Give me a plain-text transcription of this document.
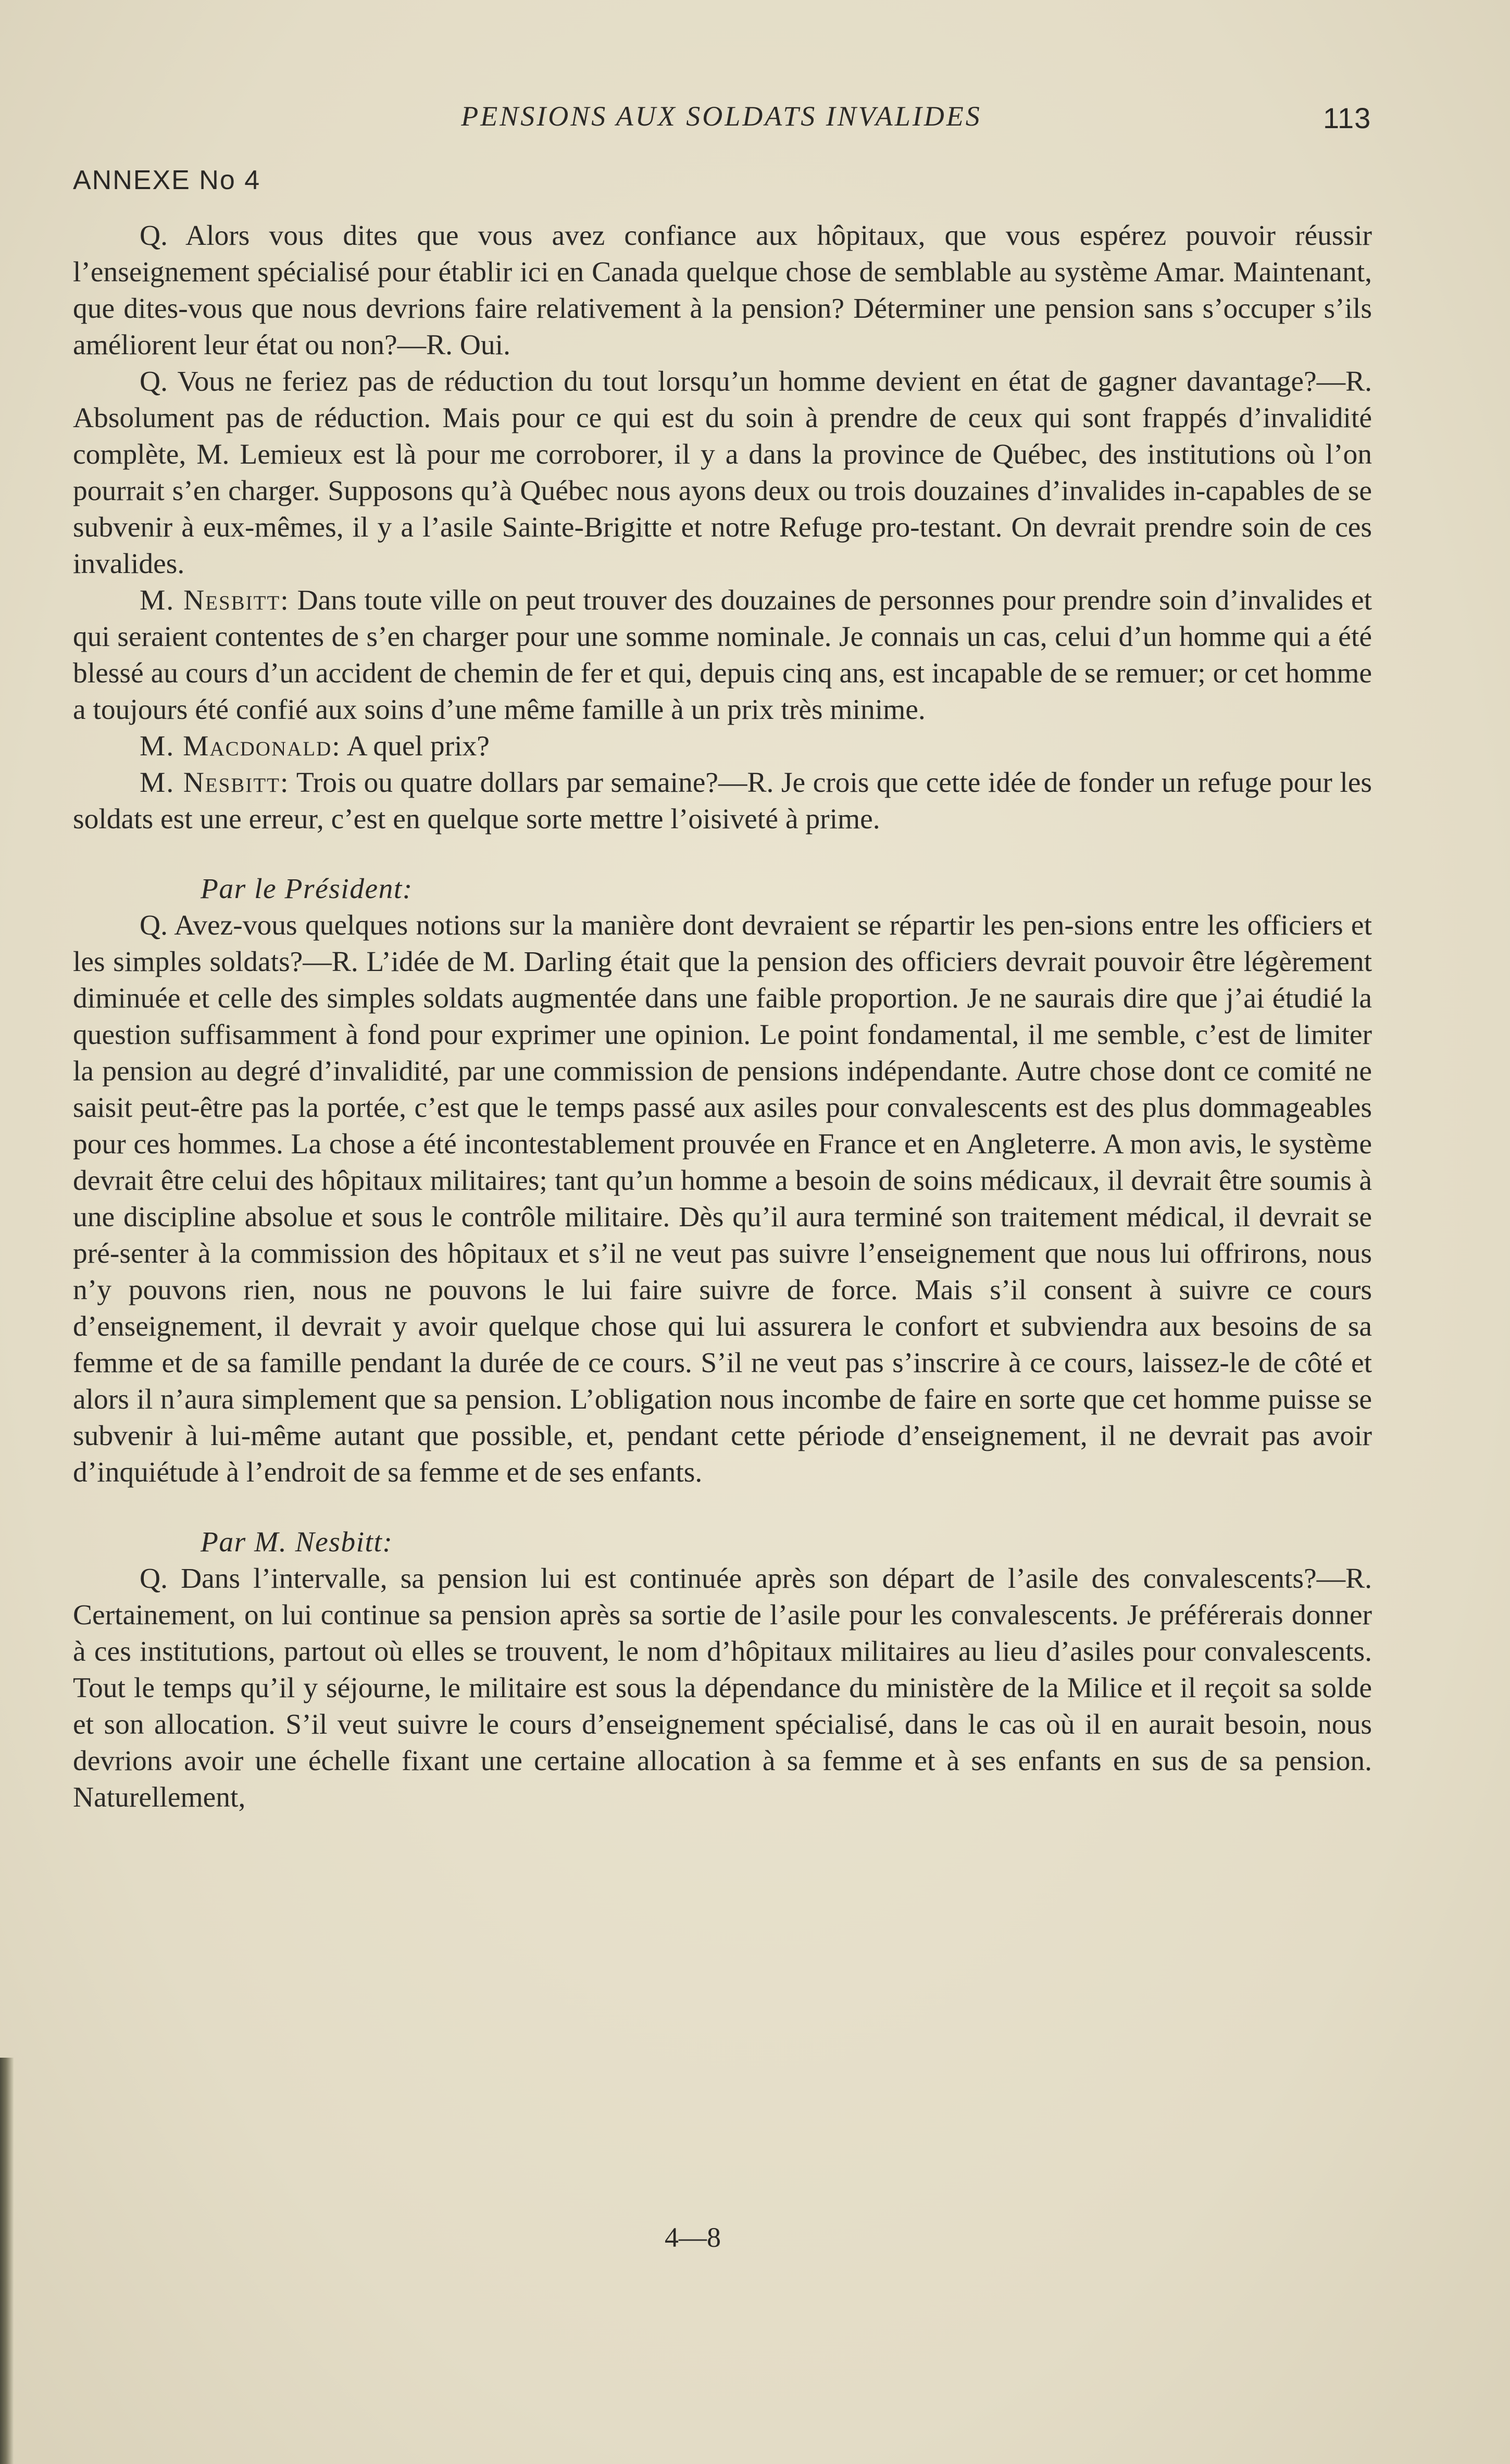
PENSIONS AUX SOLDATS INVALIDES	113
ANNEXE No 4

Q. Alors vous dites que vous avez confiance aux hôpitaux, que vous espérez pouvoir réussir l’enseignement spécialisé pour établir ici en Canada quelque chose de semblable au système Amar. Maintenant, que dites-vous que nous devrions faire relativement à la pension? Déterminer une pension sans s’occuper s’ils améliorent leur état ou non?—R. Oui.

Q. Vous ne feriez pas de réduction du tout lorsqu’un homme devient en état de gagner davantage?—R. Absolument pas de réduction. Mais pour ce qui est du soin à prendre de ceux qui sont frappés d’invalidité complète, M. Lemieux est là pour me corroborer, il y a dans la province de Québec, des institutions où l’on pourrait s’en charger. Supposons qu’à Québec nous ayons deux ou trois douzaines d’invalides in-capables de se subvenir à eux-mêmes, il y a l’asile Sainte-Brigitte et notre Refuge pro-testant. On devrait prendre soin de ces invalides.

M. Nesbitt: Dans toute ville on peut trouver des douzaines de personnes pour prendre soin d’invalides et qui seraient contentes de s’en charger pour une somme nominale. Je connais un cas, celui d’un homme qui a été blessé au cours d’un accident de chemin de fer et qui, depuis cinq ans, est incapable de se remuer; or cet homme a toujours été confié aux soins d’une même famille à un prix très minime.

M. Macdonald: A quel prix?

M. Nesbitt: Trois ou quatre dollars par semaine?—R. Je crois que cette idée de fonder un refuge pour les soldats est une erreur, c’est en quelque sorte mettre l’oisiveté à prime.

Par le Président:

Q. Avez-vous quelques notions sur la manière dont devraient se répartir les pen-sions entre les officiers et les simples soldats?—R. L’idée de M. Darling était que la pension des officiers devrait pouvoir être légèrement diminuée et celle des simples soldats augmentée dans une faible proportion. Je ne saurais dire que j’ai étudié la question suffisamment à fond pour exprimer une opinion. Le point fondamental, il me semble, c’est de limiter la pension au degré d’invalidité, par une commission de pensions indépendante. Autre chose dont ce comité ne saisit peut-être pas la portée, c’est que le temps passé aux asiles pour convalescents est des plus dommageables pour ces hommes. La chose a été incontestablement prouvée en France et en Angleterre. A mon avis, le système devrait être celui des hôpitaux militaires; tant qu’un homme a besoin de soins médicaux, il devrait être soumis à une discipline absolue et sous le contrôle militaire. Dès qu’il aura terminé son traitement médical, il devrait se pré-senter à la commission des hôpitaux et s’il ne veut pas suivre l’enseignement que nous lui offrirons, nous n’y pouvons rien, nous ne pouvons le lui faire suivre de force. Mais s’il consent à suivre ce cours d’enseignement, il devrait y avoir quelque chose qui lui assurera le confort et subviendra aux besoins de sa femme et de sa famille pendant la durée de ce cours. S’il ne veut pas s’inscrire à ce cours, laissez-le de côté et alors il n’aura simplement que sa pension. L’obligation nous incombe de faire en sorte que cet homme puisse se subvenir à lui-même autant que possible, et, pendant cette période d’enseignement, il ne devrait pas avoir d’inquiétude à l’endroit de sa femme et de ses enfants.

Par M. Nesbitt:

Q. Dans l’intervalle, sa pension lui est continuée après son départ de l’asile des convalescents?—R. Certainement, on lui continue sa pension après sa sortie de l’asile pour les convalescents. Je préférerais donner à ces institutions, partout où elles se trouvent, le nom d’hôpitaux militaires au lieu d’asiles pour convalescents. Tout le temps qu’il y séjourne, le militaire est sous la dépendance du ministère de la Milice et il reçoit sa solde et son allocation. S’il veut suivre le cours d’enseignement spécialisé, dans le cas où il en aurait besoin, nous devrions avoir une échelle fixant une certaine allocation à sa femme et à ses enfants en sus de sa pension. Naturellement,

4—8
